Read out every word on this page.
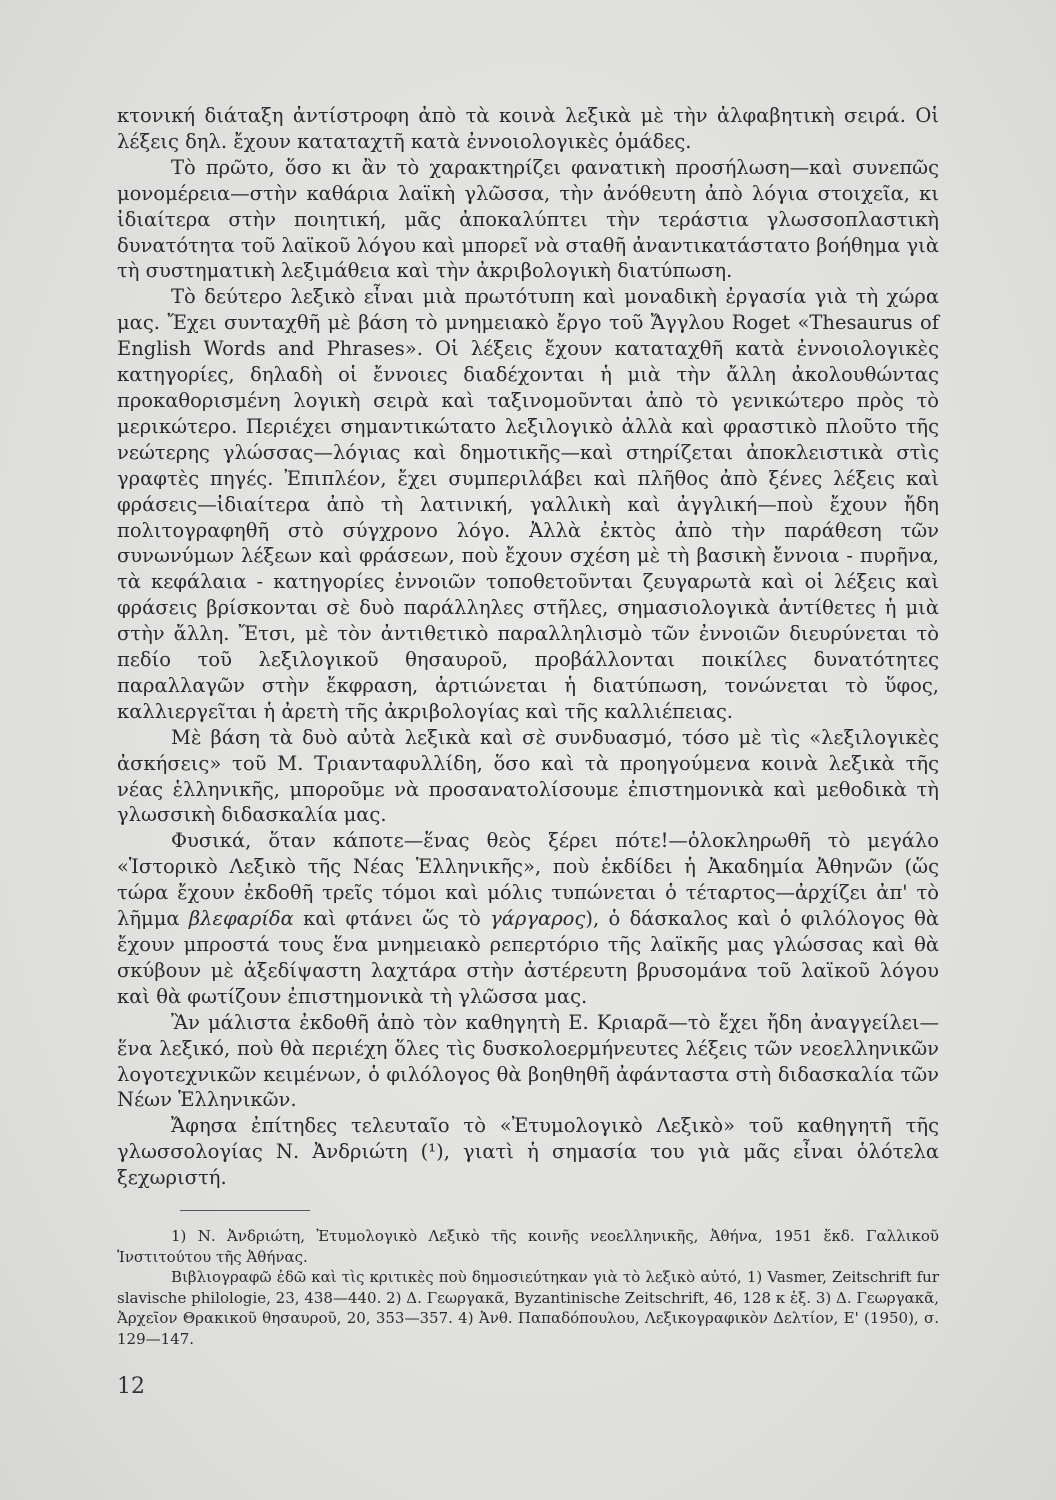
κτονική διάταξη ἀντίστροφη ἀπὸ τὰ κοινὰ λεξικὰ μὲ τὴν ἀλφαβητικὴ σειρά. Οἱ λέξεις δηλ. ἔχουν καταταχτῆ κατὰ ἐννοιολογικὲς ὁμάδες.

Τὸ πρῶτο, ὅσο κι ἂν τὸ χαρακτηρίζει φανατικὴ προσήλωση—καὶ συνεπῶς μονομέρεια—στὴν καθάρια λαϊκὴ γλῶσσα, τὴν ἀνόθευτη ἀπὸ λόγια στοιχεῖα, κι ἰδιαίτερα στὴν ποιητική, μᾶς ἀποκαλύπτει τὴν τεράστια γλωσσοπλαστικὴ δυνατότητα τοῦ λαϊκοῦ λόγου καὶ μπορεῖ νὰ σταθῆ ἀναντικατάστατο βοήθημα γιὰ τὴ συστηματικὴ λεξιμάθεια καὶ τὴν ἀκριβολογικὴ διατύπωση.

Τὸ δεύτερο λεξικὸ εἶναι μιὰ πρωτότυπη καὶ μοναδικὴ ἐργασία γιὰ τὴ χώρα μας. Ἔχει συνταχθῆ μὲ βάση τὸ μνημειακὸ ἔργο τοῦ Ἄγγλου Roget «Thesaurus of English Words and Phrases». Οἱ λέξεις ἔχουν καταταχθῆ κατὰ ἐννοιολογικὲς κατηγορίες, δηλαδὴ οἱ ἔννοιες διαδέχονται ἡ μιὰ τὴν ἄλλη ἀκολουθώντας προκαθορισμένη λογικὴ σειρὰ καὶ ταξινομοῦνται ἀπὸ τὸ γενικώτερο πρὸς τὸ μερικώτερο. Περιέχει σημαντικώτατο λεξιλογικὸ ἀλλὰ καὶ φραστικὸ πλοῦτο τῆς νεώτερης γλώσσας—λόγιας καὶ δημοτικῆς—καὶ στηρίζεται ἀποκλειστικὰ στὶς γραφτὲς πηγές. Ἐπιπλέον, ἔχει συμπεριλάβει καὶ πλῆθος ἀπὸ ξένες λέξεις καὶ φράσεις—ἰδιαίτερα ἀπὸ τὴ λατινική, γαλλικὴ καὶ ἀγγλική—ποὺ ἔχουν ἤδη πολιτογραφηθῆ στὸ σύγχρονο λόγο. Ἀλλὰ ἐκτὸς ἀπὸ τὴν παράθεση τῶν συνωνύμων λέξεων καὶ φράσεων, ποὺ ἔχουν σχέση μὲ τὴ βασικὴ ἔννοια - πυρῆνα, τὰ κεφάλαια - κατηγορίες ἐννοιῶν τοποθετοῦνται ζευγαρωτὰ καὶ οἱ λέξεις καὶ φράσεις βρίσκονται σὲ δυὸ παράλληλες στῆλες, σημασιολογικὰ ἀντίθετες ἡ μιὰ στὴν ἄλλη. Ἔτσι, μὲ τὸν ἀντιθετικὸ παραλληλισμὸ τῶν ἐννοιῶν διευρύνεται τὸ πεδίο τοῦ λεξιλογικοῦ θησαυροῦ, προβάλλονται ποικίλες δυνατότητες παραλλαγῶν στὴν ἔκφραση, ἀρτιώνεται ἡ διατύπωση, τονώνεται τὸ ὕφος, καλλιεργεῖται ἡ ἀρετὴ τῆς ἀκριβολογίας καὶ τῆς καλλιέπειας.

Μὲ βάση τὰ δυὸ αὐτὰ λεξικὰ καὶ σὲ συνδυασμό, τόσο μὲ τὶς «λεξιλογικὲς ἀσκήσεις» τοῦ Μ. Τριανταφυλλίδη, ὅσο καὶ τὰ προηγούμενα κοινὰ λεξικὰ τῆς νέας ἑλληνικῆς, μποροῦμε νὰ προσανατολίσουμε ἐπιστημονικὰ καὶ μεθοδικὰ τὴ γλωσσικὴ διδασκαλία μας.

Φυσικά, ὅταν κάποτε—ἕνας θεὸς ξέρει πότε!—ὁλοκληρωθῆ τὸ μεγάλο «Ἱστορικὸ Λεξικὸ τῆς Νέας Ἑλληνικῆς», ποὺ ἐκδίδει ἡ Ἀκαδημία Ἀθηνῶν (ὥς τώρα ἔχουν ἐκδοθῆ τρεῖς τόμοι καὶ μόλις τυπώνεται ὁ τέταρτος—ἀρχίζει ἀπ' τὸ λῆμμα βλεφαρίδα καὶ φτάνει ὥς τὸ γάργαρος), ὁ δάσκαλος καὶ ὁ φιλόλογος θὰ ἔχουν μπροστά τους ἕνα μνημειακὸ ρεπερτόριο τῆς λαϊκῆς μας γλώσσας καὶ θὰ σκύβουν μὲ ἀξεδίψαστη λαχτάρα στὴν ἀστέρευτη βρυσομάνα τοῦ λαϊκοῦ λόγου καὶ θὰ φωτίζουν ἐπιστημονικὰ τὴ γλῶσσα μας.

Ἂν μάλιστα ἐκδοθῆ ἀπὸ τὸν καθηγητὴ Ε. Κριαρᾶ—τὸ ἔχει ἤδη ἀναγγείλει—ἕνα λεξικό, ποὺ θὰ περιέχη ὅλες τὶς δυσκολοερμήνευτες λέξεις τῶν νεοελληνικῶν λογοτεχνικῶν κειμένων, ὁ φιλόλογος θὰ βοηθηθῆ ἀφάνταστα στὴ διδασκαλία τῶν Νέων Ἑλληνικῶν.

Ἄφησα ἐπίτηδες τελευταῖο τὸ «Ἐτυμολογικὸ Λεξικὸ» τοῦ καθηγητῆ τῆς γλωσσολογίας Ν. Ἀνδριώτη (¹), γιατὶ ἡ σημασία του γιὰ μᾶς εἶναι ὁλότελα ξεχωριστή.

1) Ν. Ἀνδριώτη, Ἐτυμολογικὸ Λεξικὸ τῆς κοινῆς νεοελληνικῆς, Ἀθήνα, 1951 ἔκδ. Γαλλικοῦ Ἰνστιτούτου τῆς Ἀθήνας.

Βιβλιογραφῶ ἐδῶ καὶ τὶς κριτικὲς ποὺ δημοσιεύτηκαν γιὰ τὸ λεξικὸ αὐτό, 1) Vasmer, Zeitschrift fur slavische philologie, 23, 438—440. 2) Δ. Γεωργακᾶ, Byzantinische Zeitschrift, 46, 128 κ ἑξ. 3) Δ. Γεωργακᾶ, Ἀρχεῖον Θρακικοῦ θησαυροῦ, 20, 353—357. 4) Ἀνθ. Παπαδόπουλου, Λεξικογραφικὸν Δελτίον, Ε' (1950), σ. 129—147.

12
